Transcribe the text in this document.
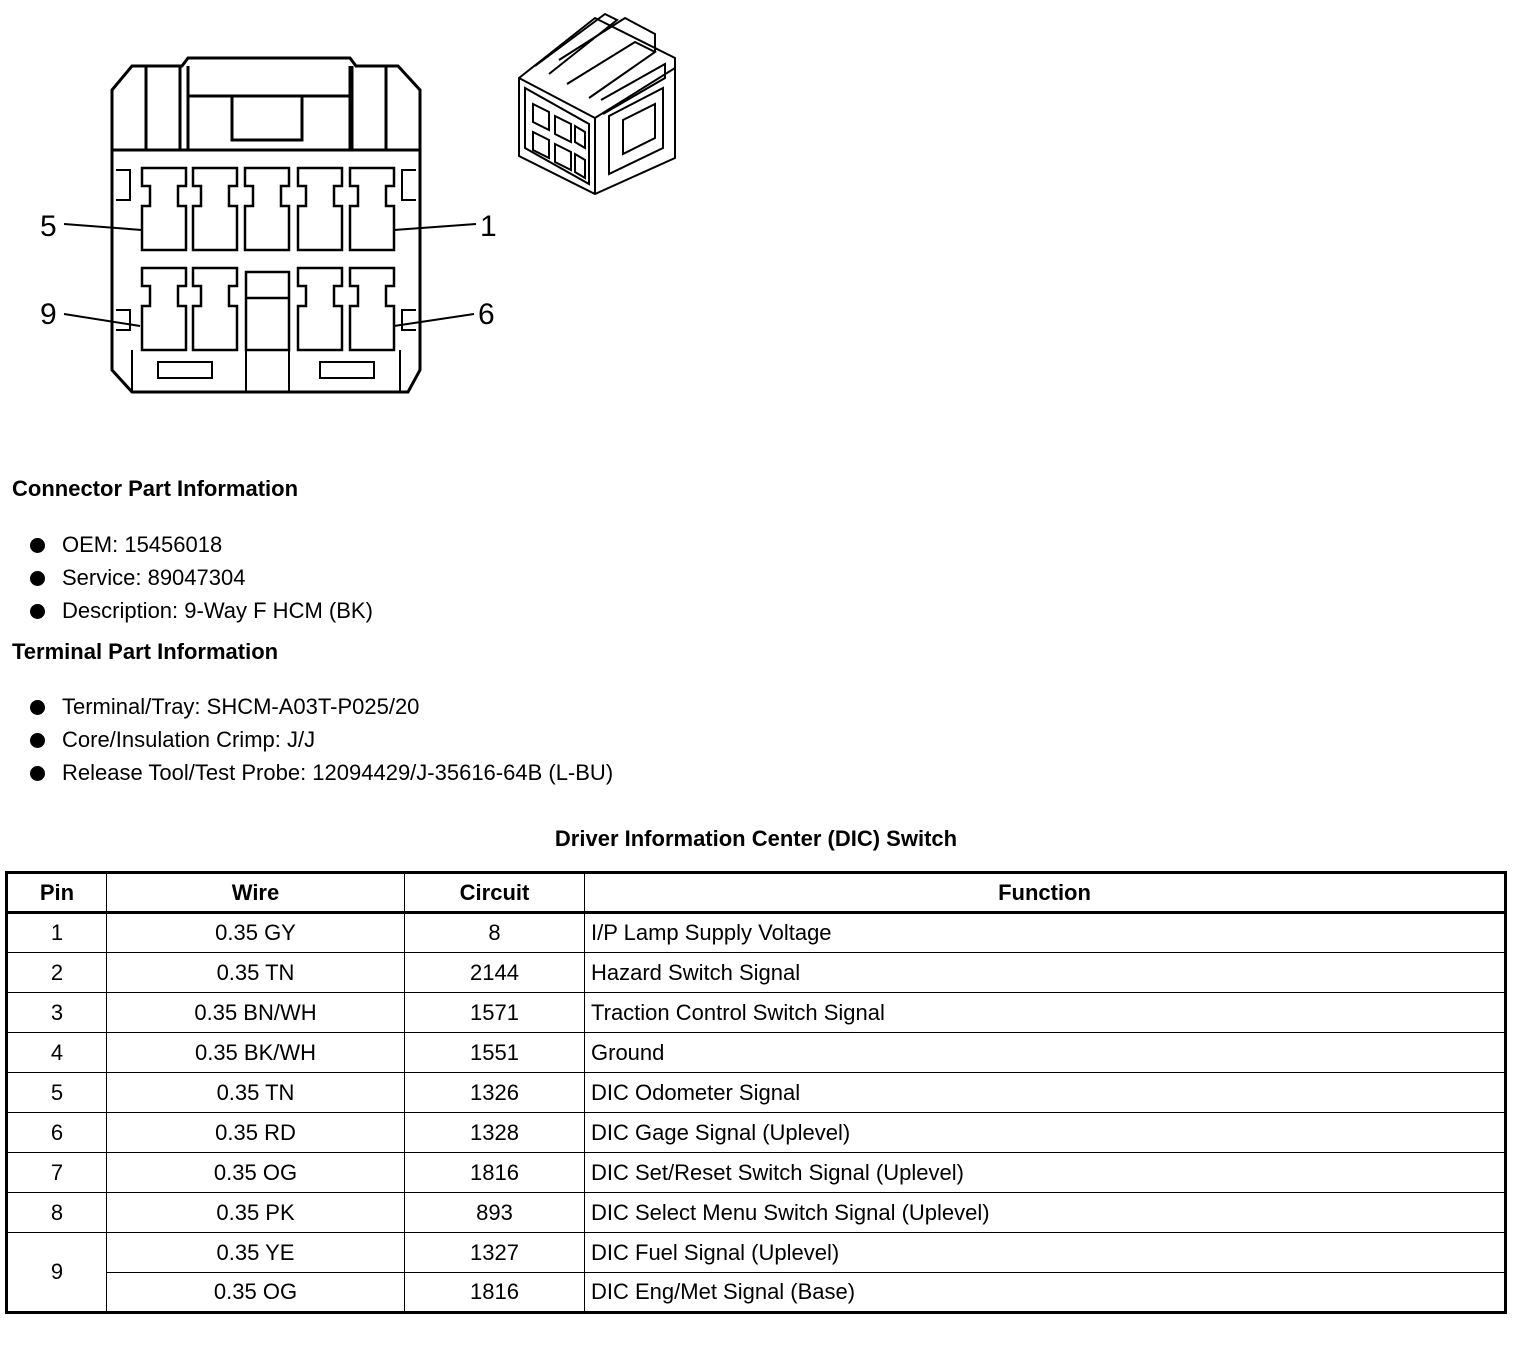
5	1
9	6
Connector Part Information
OEM: 15456018
Service: 89047304
Description: 9-Way F HCM (BK)
Terminal Part Information
Terminal/Tray: SHCM-A03T-P025/20
Core/Insulation Crimp: J/J
Release Tool/Test Probe: 12094429/J-35616-64B (L-BU)
Driver Information Center (DIC) Switch
Pin	Wire	Circuit	Function
1	0.35 GY	8	I/P Lamp Supply Voltage
2	0.35 TN	2144	Hazard Switch Signal
3	0.35 BN/WH	1571	Traction Control Switch Signal
4	0.35 BK/WH	1551	Ground
5	0.35 TN	1326	DIC Odometer Signal
6	0.35 RD	1328	DIC Gage Signal (Uplevel)
7	0.35 OG	1816	DIC Set/Reset Switch Signal (Uplevel)
8	0.35 PK	893	DIC Select Menu Switch Signal (Uplevel)
9	0.35 YE	1327	DIC Fuel Signal (Uplevel)
	0.35 OG	1816	DIC Eng/Met Signal (Base)
